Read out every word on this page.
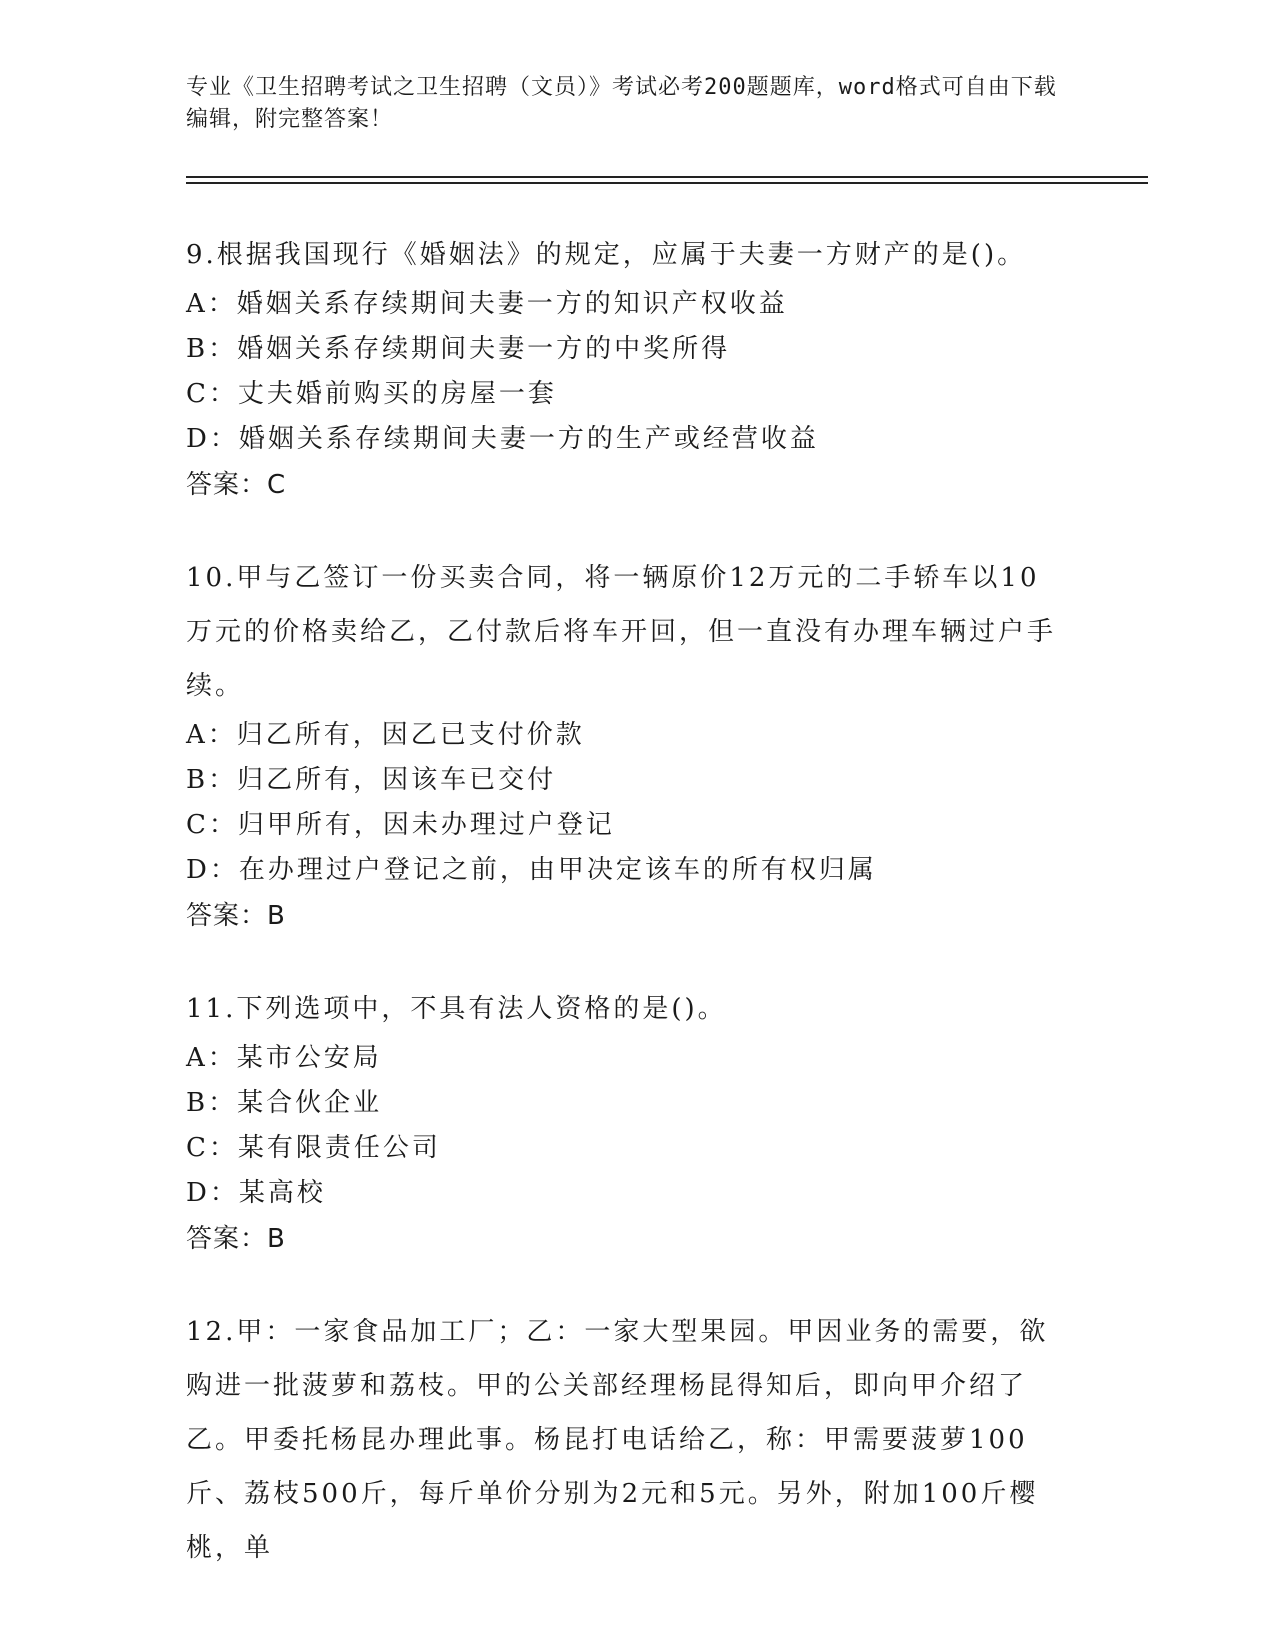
专业《卫生招聘考试之卫生招聘（文员）》考试必考200题题库，word格式可自由下载编辑，附完整答案！
9.根据我国现行《婚姻法》的规定，应属于夫妻一方财产的是()。
A：婚姻关系存续期间夫妻一方的知识产权收益
B：婚姻关系存续期间夫妻一方的中奖所得
C：丈夫婚前购买的房屋一套
D：婚姻关系存续期间夫妻一方的生产或经营收益
答案：C
10.甲与乙签订一份买卖合同，将一辆原价12万元的二手轿车以10万元的价格卖给乙，乙付款后将车开回，但一直没有办理车辆过户手续。
A：归乙所有，因乙已支付价款
B：归乙所有，因该车已交付
C：归甲所有，因未办理过户登记
D：在办理过户登记之前，由甲决定该车的所有权归属
答案：B
11.下列选项中，不具有法人资格的是()。
A：某市公安局
B：某合伙企业
C：某有限责任公司
D：某高校
答案：B
12.甲：一家食品加工厂；乙：一家大型果园。甲因业务的需要，欲购进一批菠萝和荔枝。甲的公关部经理杨昆得知后，即向甲介绍了乙。甲委托杨昆办理此事。杨昆打电话给乙，称：甲需要菠萝100斤、荔枝500斤，每斤单价分别为2元和5元。另外，附加100斤樱桃，单
